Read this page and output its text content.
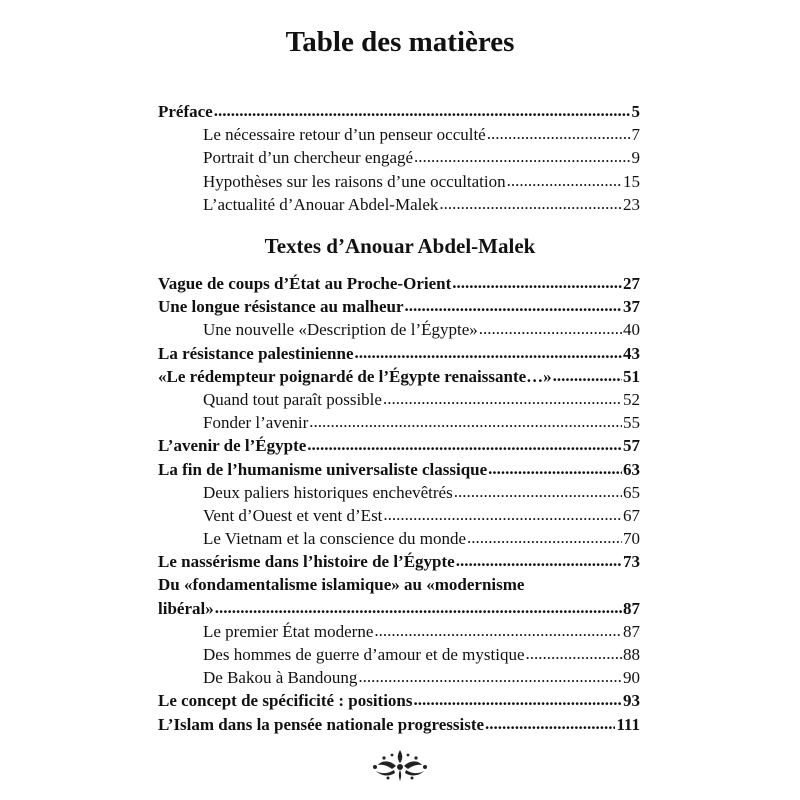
Table des matières
Préface .....	5
Le nécessaire retour d’un penseur occulté .....	7
Portrait d’un chercheur engagé .....	9
Hypothèses sur les raisons d’une occultation .....	15
L’actualité d’Anouar Abdel-Malek .....	23
Textes d’Anouar Abdel-Malek
Vague de coups d’État au Proche-Orient .....	27
Une longue résistance au malheur .....	37
Une nouvelle «Description de l’Égypte» .....	40
La résistance palestinienne .....	43
«Le rédempteur poignardé de l’Égypte renaissante…» .....	51
Quand tout paraît possible .....	52
Fonder l’avenir .....	55
L’avenir de l’Égypte .....	57
La fin de l’humanisme universaliste classique .....	63
Deux paliers historiques enchevêtrés .....	65
Vent d’Ouest et vent d’Est .....	67
Le Vietnam et la conscience du monde .....	70
Le nassérisme dans l’histoire de l’Égypte .....	73
Du «fondamentalisme islamique» au «modernisme
libéral» .....	87
Le premier État moderne .....	87
Des hommes de guerre d’amour et de mystique .....	88
De Bakou à Bandoung .....	90
Le concept de spécificité : positions .....	93
L’Islam dans la pensée nationale progressiste .....	111
